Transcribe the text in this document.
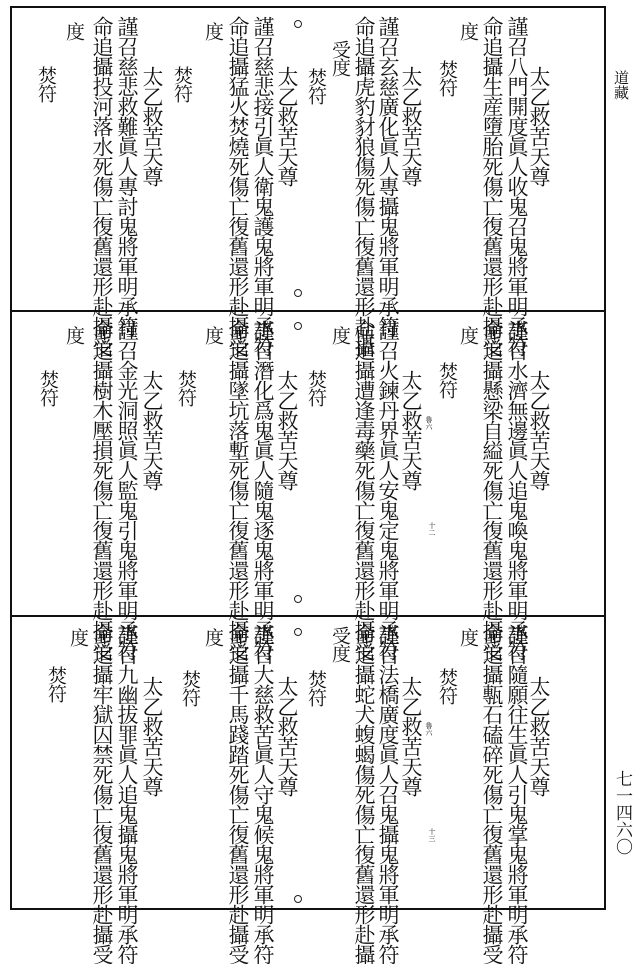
道藏
七一四六〇
太乙救苦天尊
謹召八門開度眞人收鬼召鬼將軍明承符
命追攝生産墮胎死傷亡復舊還形赴攝受
度
焚符
太乙救苦天尊
謹召玄慈廣化眞人專攝鬼將軍明承符
命追攝虎豹豺狼傷死傷亡復舊還形赴攝
受度
焚符
太乙救苦天尊
謹召慈悲接引眞人衛鬼護鬼將軍明承符
命追攝猛火焚燒死傷亡復舊還形赴攝受
度
焚符
太乙救苦天尊
謹召慈悲救難眞人專討鬼將軍明承符
命追攝投河落水死傷亡復舊還形赴攝受
度
焚符
太乙救苦天尊
謹召水濟無邊眞人追鬼喚鬼將軍明承符
命追攝懸梁自縊死傷亡復舊還形赴攝受
度
焚符
十二
太乙救苦天尊
謹召火鍊丹界眞人安鬼定鬼將軍明承符
命追攝遭逢毒藥死傷亡復舊還形赴攝受
度
焚符
魯六
太乙救苦天尊
謹召潛化爲鬼眞人隨鬼逐鬼將軍明承符
命追攝墜坑落塹死傷亡復舊還形赴攝受
度
焚符
太乙救苦天尊
謹召金光洞照眞人監鬼引鬼將軍明承符
命追攝樹木壓損死傷亡復舊還形赴攝受
度
焚符
太乙救苦天尊
謹召隨願往生眞人引鬼掌鬼將軍明承符
命追攝甎石磕碎死傷亡復舊還形赴攝受
度
焚符
十三
太乙救苦天尊
謹召法橋廣度眞人召鬼攝鬼將軍明承符
命追攝蛇犬蝮蝎傷死傷亡復舊還形赴攝
受度
焚符
魯六
太乙救苦天尊
謹召大慈救苦眞人守鬼候鬼將軍明承符
命追攝千馬踐踏死傷亡復舊還形赴攝受
度
焚符
太乙救苦天尊
謹召九幽拔罪眞人追鬼攝鬼將軍明承符
命追攝牢獄囚禁死傷亡復舊還形赴攝受
度
焚符
